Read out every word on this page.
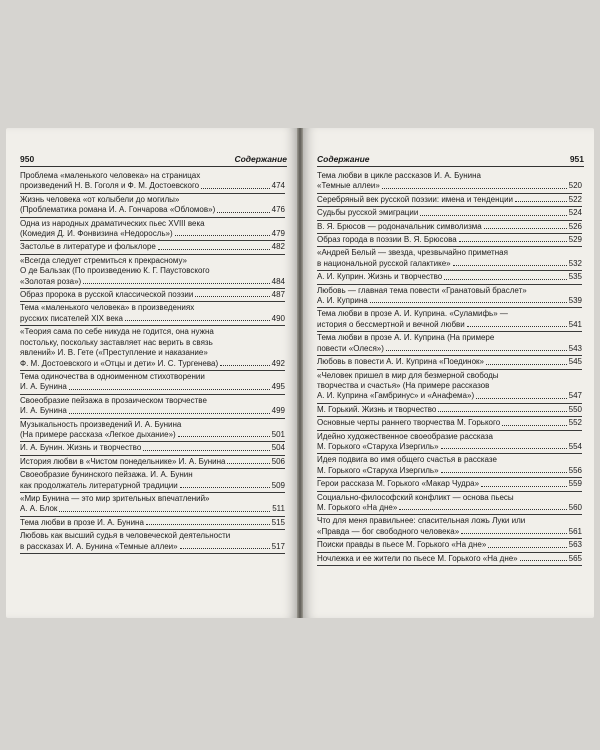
950	Содержание
Проблема «маленького человека» на страницах
произведений Н. В. Гоголя и Ф. М. Достоевского	474
Жизнь человека «от колыбели до могилы»
(Проблематика романа И. А. Гончарова «Обломов»)	476
Одна из народных драматических пьес XVIII века
(Комедия Д. И. Фонвизина «Недоросль»)	479
Застолье в литературе и фольклоре	482
«Всегда следует стремиться к прекрасному»
О де Бальзак (По произведению К. Г. Паустовского
«Золотая роза»)	484
Образ пророка в русской классической поэзии	487
Тема «маленького человека» в произведениях
русских писателей XIX века	490
«Теория сама по себе никуда не годится, она нужна
постольку, поскольку заставляет нас верить в связь
явлений» И. В. Гете («Преступление и наказание»
Ф. М. Достоевского и «Отцы и дети» И. С. Тургенева)	492
Тема одиночества в одноименном стихотворении
И. А. Бунина	495
Своеобразие пейзажа в прозаическом творчестве
И. А. Бунина	499
Музыкальность произведений И. А. Бунина
(На примере рассказа «Легкое дыхание»)	501
И. А. Бунин. Жизнь и творчество	504
История любви в «Чистом понедельнике» И. А. Бунина	506
Своеобразие бунинского пейзажа. И. А. Бунин
как продолжатель литературной традиции	509
«Мир Бунина — это мир зрительных впечатлений»
А. А. Блок	511
Тема любви в прозе И. А. Бунина	515
Любовь как высший судья в человеческой деятельности
в рассказах И. А. Бунина «Темные аллеи»	517
Содержание	951
Тема любви в цикле рассказов И. А. Бунина
«Темные аллеи»	520
Серебряный век русской поэзии: имена и тенденции	522
Судьбы русской эмиграции	524
В. Я. Брюсов — родоначальник символизма	526
Образ города в поэзии В. Я. Брюсова	529
«Андрей Белый — звезда, чрезвычайно приметная
в национальной русской галактике»	532
А. И. Куприн. Жизнь и творчество	535
Любовь — главная тема повести «Гранатовый браслет»
А. И. Куприна	539
Тема любви в прозе А. И. Куприна. «Суламифь» —
история о бессмертной и вечной любви	541
Тема любви в прозе А. И. Куприна (На примере
повести «Олеся»)	543
Любовь в повести А. И. Куприна «Поединок»	545
«Человек пришел в мир для безмерной свободы
творчества и счастья» (На примере рассказов
А. И. Куприна «Гамбринус» и «Анафема»)	547
М. Горький. Жизнь и творчество	550
Основные черты раннего творчества М. Горького	552
Идейно художественное своеобразие рассказа
М. Горького «Старуха Изергиль»	554
Идея подвига во имя общего счастья в рассказе
М. Горького «Старуха Изергиль»	556
Герои рассказа М. Горького «Макар Чудра»	559
Социально-философский конфликт — основа пьесы
М. Горького «На дне»	560
Что для меня правильнее: спасительная ложь Луки или
«Правда — бог свободного человека»	561
Поиски правды в пьесе М. Горького «На дне»	563
Ночлежка и ее жители по пьесе М. Горького «На дне»	565
